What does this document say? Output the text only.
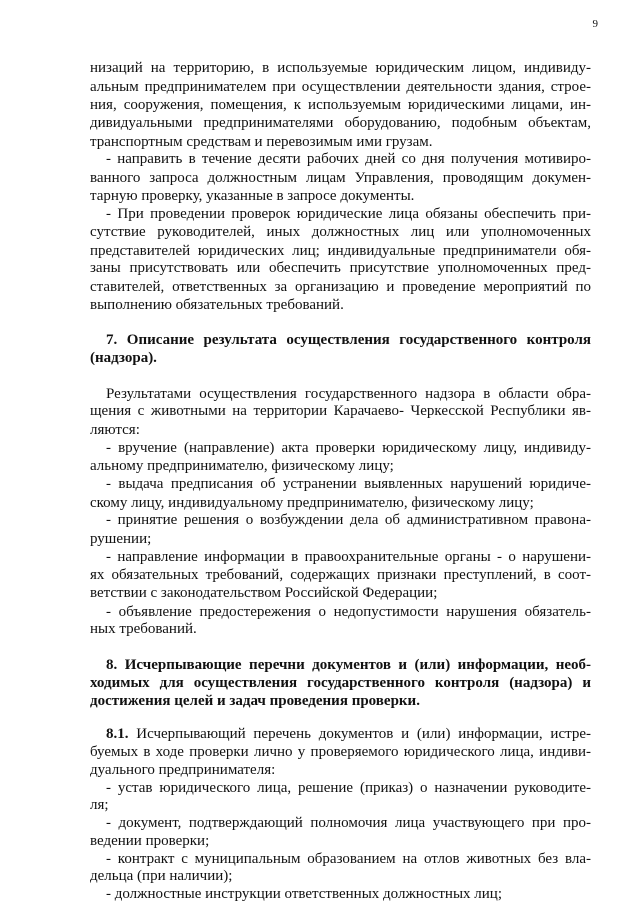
9
низаций на территорию, в используемые юридическим лицом, индивиду-
альным предпринимателем при осуществлении деятельности здания, строе-
ния, сооружения, помещения, к используемым юридическими лицами, ин-
дивидуальными предпринимателями оборудованию, подобным объектам,
транспортным средствам и перевозимым ими грузам.
- направить в течение десяти рабочих дней со дня получения мотивиро-
ванного запроса должностным лицам Управления, проводящим докумен-
тарную проверку, указанные в запросе документы.
- При проведении проверок юридические лица обязаны обеспечить при-
сутствие руководителей, иных должностных лиц или уполномоченных
представителей юридических лиц; индивидуальные предприниматели обя-
заны присутствовать или обеспечить присутствие уполномоченных пред-
ставителей, ответственных за организацию и проведение мероприятий по
выполнению обязательных требований.
7. Описание результата осуществления государственного контроля
(надзора).
Результатами осуществления государственного надзора в области обра-
щения с животными на территории Карачаево- Черкесской Республики яв-
ляются:
- вручение (направление) акта проверки юридическому лицу, индивиду-
альному предпринимателю, физическому лицу;
- выдача предписания об устранении выявленных нарушений юридиче-
скому лицу, индивидуальному предпринимателю, физическому лицу;
- принятие решения о возбуждении дела об административном правона-
рушении;
- направление информации в правоохранительные органы - о нарушени-
ях обязательных требований, содержащих признаки преступлений, в соот-
ветствии с законодательством Российской Федерации;
- объявление предостережения о недопустимости нарушения обязатель-
ных требований.
8. Исчерпывающие перечни документов и (или) информации, необ-
ходимых для осуществления государственного контроля (надзора) и
достижения целей и задач проведения проверки.
8.1. Исчерпывающий перечень документов и (или) информации, истре-
буемых в ходе проверки лично у проверяемого юридического лица, индиви-
дуального предпринимателя:
- устав юридического лица, решение (приказ) о назначении руководите-
ля;
- документ, подтверждающий полномочия лица участвующего при про-
ведении проверки;
- контракт с муниципальным образованием на отлов животных без вла-
дельца (при наличии);
- должностные инструкции ответственных должностных лиц;
